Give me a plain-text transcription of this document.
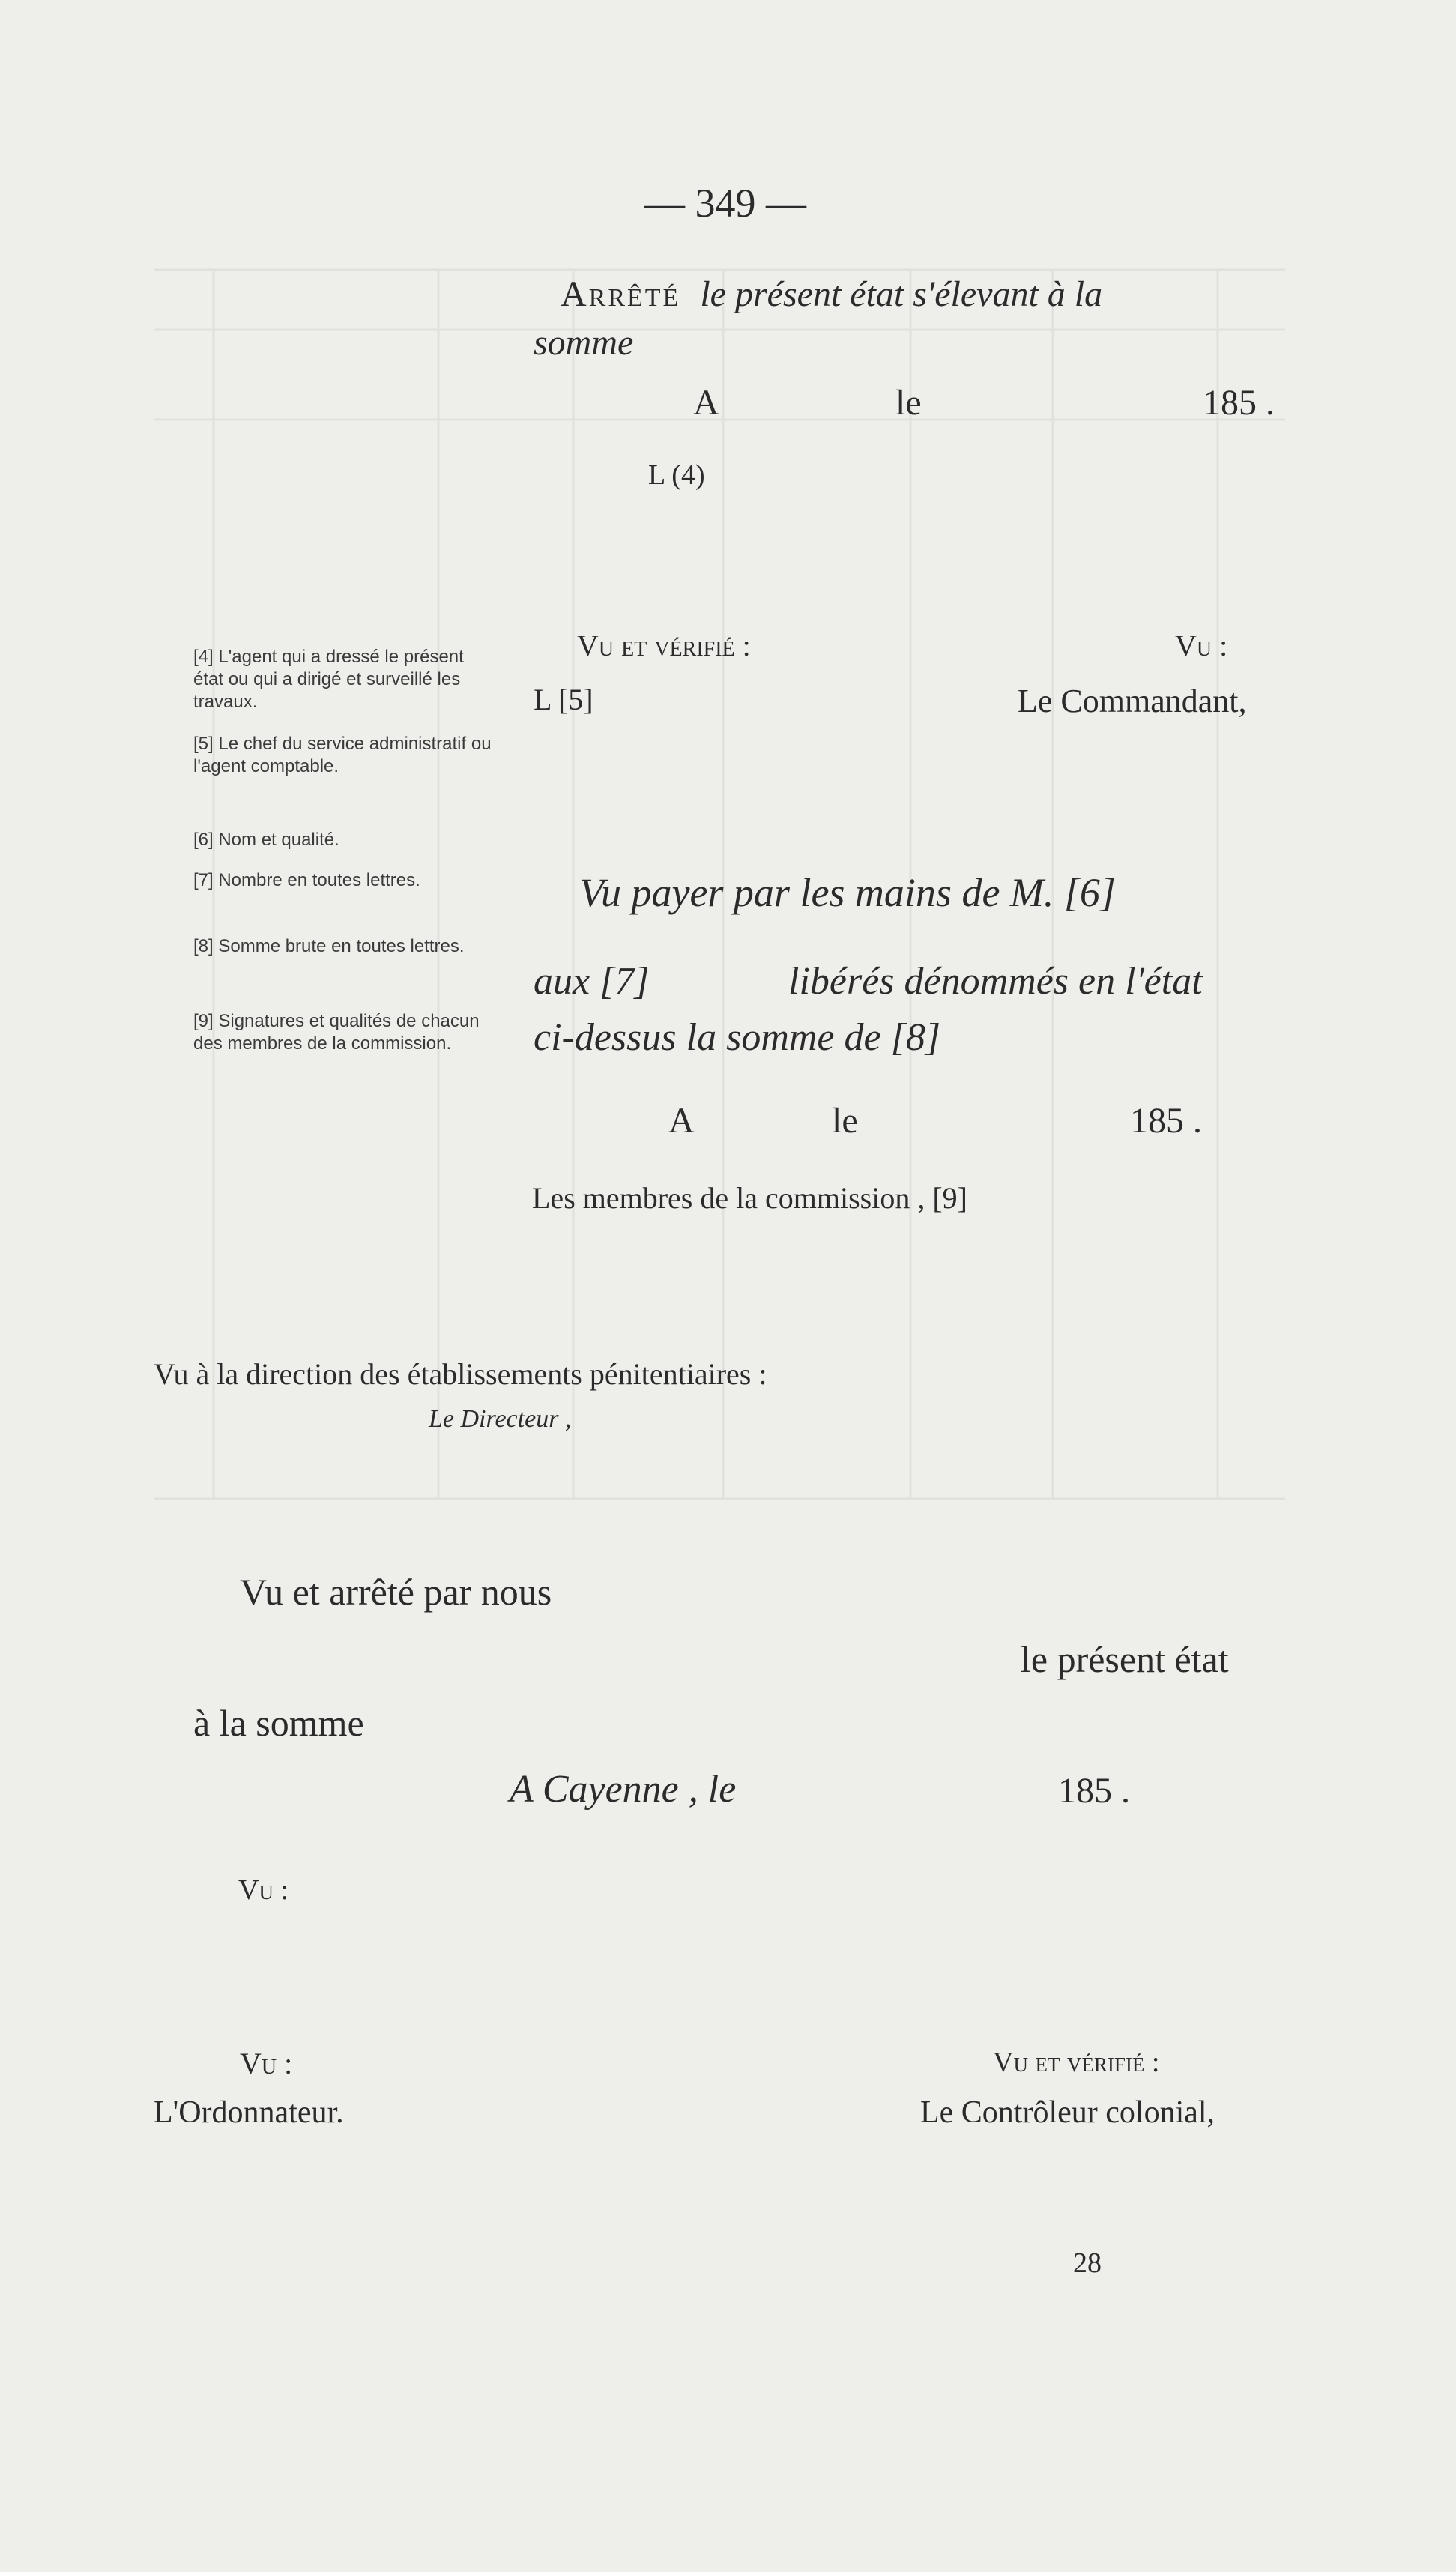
— 349 —
Arrêté le présent état s'élevant à la
somme
A	le	185 .
L (4)
[4] L'agent qui a dressé le présent état ou qui a dirigé et surveillé les travaux.
[5] Le chef du service administratif ou l'agent comptable.
[6] Nom et qualité.
[7] Nombre en toutes lettres.
[8] Somme brute en toutes lettres.
[9] Signatures et qualités de chacun des membres de la commission.
Vu et vérifié :
L [5]
Vu :
Le Commandant,
Vu payer par les mains de M. [6]
aux [7]	libérés dénommés en l'état
ci-dessus la somme de [8]
A	le	185 .
Les membres de la commission , [9]
Vu à la direction des établissements pénitentiaires :
Le Directeur ,
Vu et arrêté par nous
le présent état
à la somme
A Cayenne , le	185 .
Vu :
Vu :
L'Ordonnateur.
Vu et vérifié :
Le Contrôleur colonial,
28
